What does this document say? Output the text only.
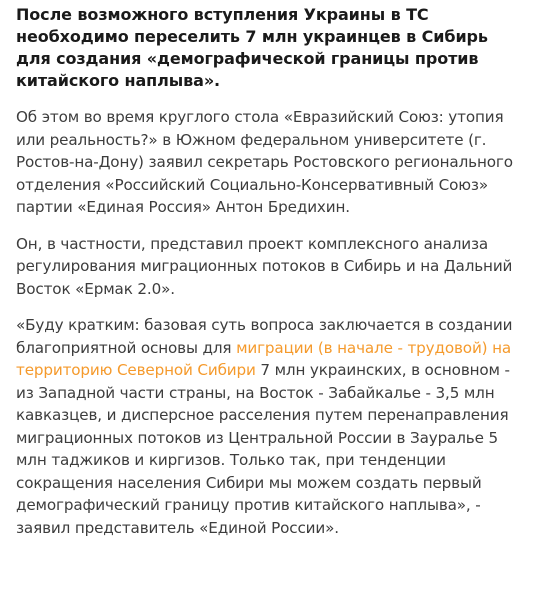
После возможного вступления Украины в ТС необходимо переселить 7 млн украинцев в Сибирь для создания «демографической границы против китайского наплыва».

Об этом во время круглого стола «Евразийский Союз: утопия или реальность?» в Южном федеральном университете (г. Ростов-на-Дону) заявил секретарь Ростовского регионального отделения «Российский Социально-Консервативный Союз» партии «Единая Россия» Антон Бредихин.

Он, в частности, представил проект комплексного анализа регулирования миграционных потоков в Сибирь и на Дальний Восток «Ермак 2.0».

«Буду кратким: базовая суть вопроса заключается в создании благоприятной основы для миграции (в начале - трудовой) на территорию Северной Сибири 7 млн украинских, в основном - из Западной части страны, на Восток - Забайкалье - 3,5 млн кавказцев, и дисперсное расселения путем перенаправления миграционных потоков из Центральной России в Зауралье 5 млн таджиков и киргизов. Только так, при тенденции сокращения населения Сибири мы можем создать первый демографический границу против китайского наплыва», - заявил представитель «Единой России».
